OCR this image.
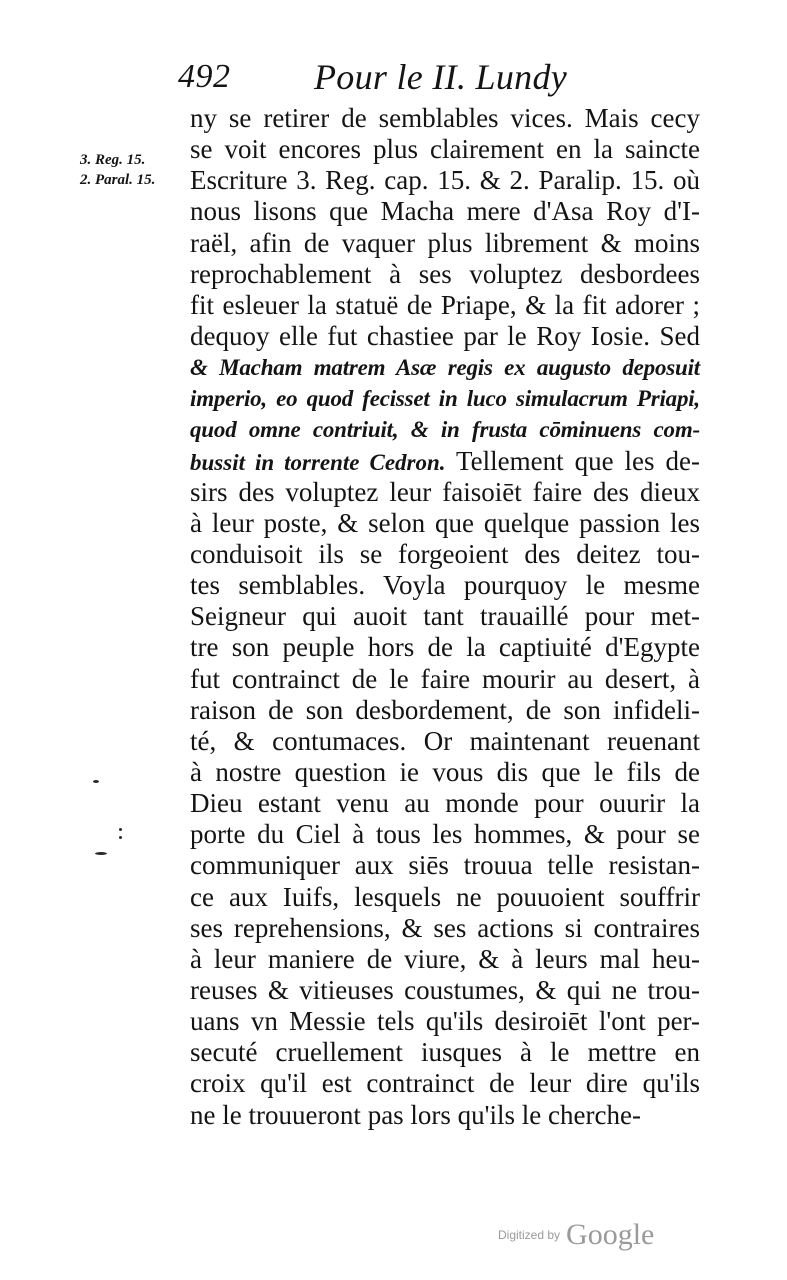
492 Pour le II. Lundy
3. Reg. 15.
2. Paral. 15.
ny se retirer de semblables vices. Mais cecy
se voit encores plus clairement en la saincte
Escriture 3. Reg. cap. 15. & 2. Paralip. 15. où
nous lisons que Macha mere d'Asa Roy d'I-
raël, afin de vaquer plus librement & moins
reprochablement à ses voluptez desbordees
fit esleuer la statuë de Priape, & la fit adorer ;
dequoy elle fut chastiee par le Roy Iosie. Sed
& Macham matrem Asæ regis ex augusto deposuit
imperio, eo quod fecisset in luco simulacrum Priapi,
quod omne contriuit, & in frusta cōminuens com-
bussit in torrente Cedron. Tellement que les de-
sirs des voluptez leur faisoiēt faire des dieux
à leur poste, & selon que quelque passion les
conduisoit ils se forgeoient des deitez tou-
tes semblables. Voyla pourquoy le mesme
Seigneur qui auoit tant trauaillé pour met-
tre son peuple hors de la captiuité d'Egypte
fut contrainct de le faire mourir au desert, à
raison de son desbordement, de son infideli-
té, & contumaces. Or maintenant reuenant
à nostre question ie vous dis que le fils de
Dieu estant venu au monde pour ouurir la
porte du Ciel à tous les hommes, & pour se
communiquer aux siēs trouua telle resistan-
ce aux Iuifs, lesquels ne pouuoient souffrir
ses reprehensions, & ses actions si contraires
à leur maniere de viure, & à leurs mal heu-
reuses & vitieuses coustumes, & qui ne trou-
uans vn Messie tels qu'ils desiroiēt l'ont per-
secuté cruellement iusques à le mettre en
croix qu'il est contrainct de leur dire qu'ils
ne le trouueront pas lors qu'ils le cherche-
Digitized by Google
